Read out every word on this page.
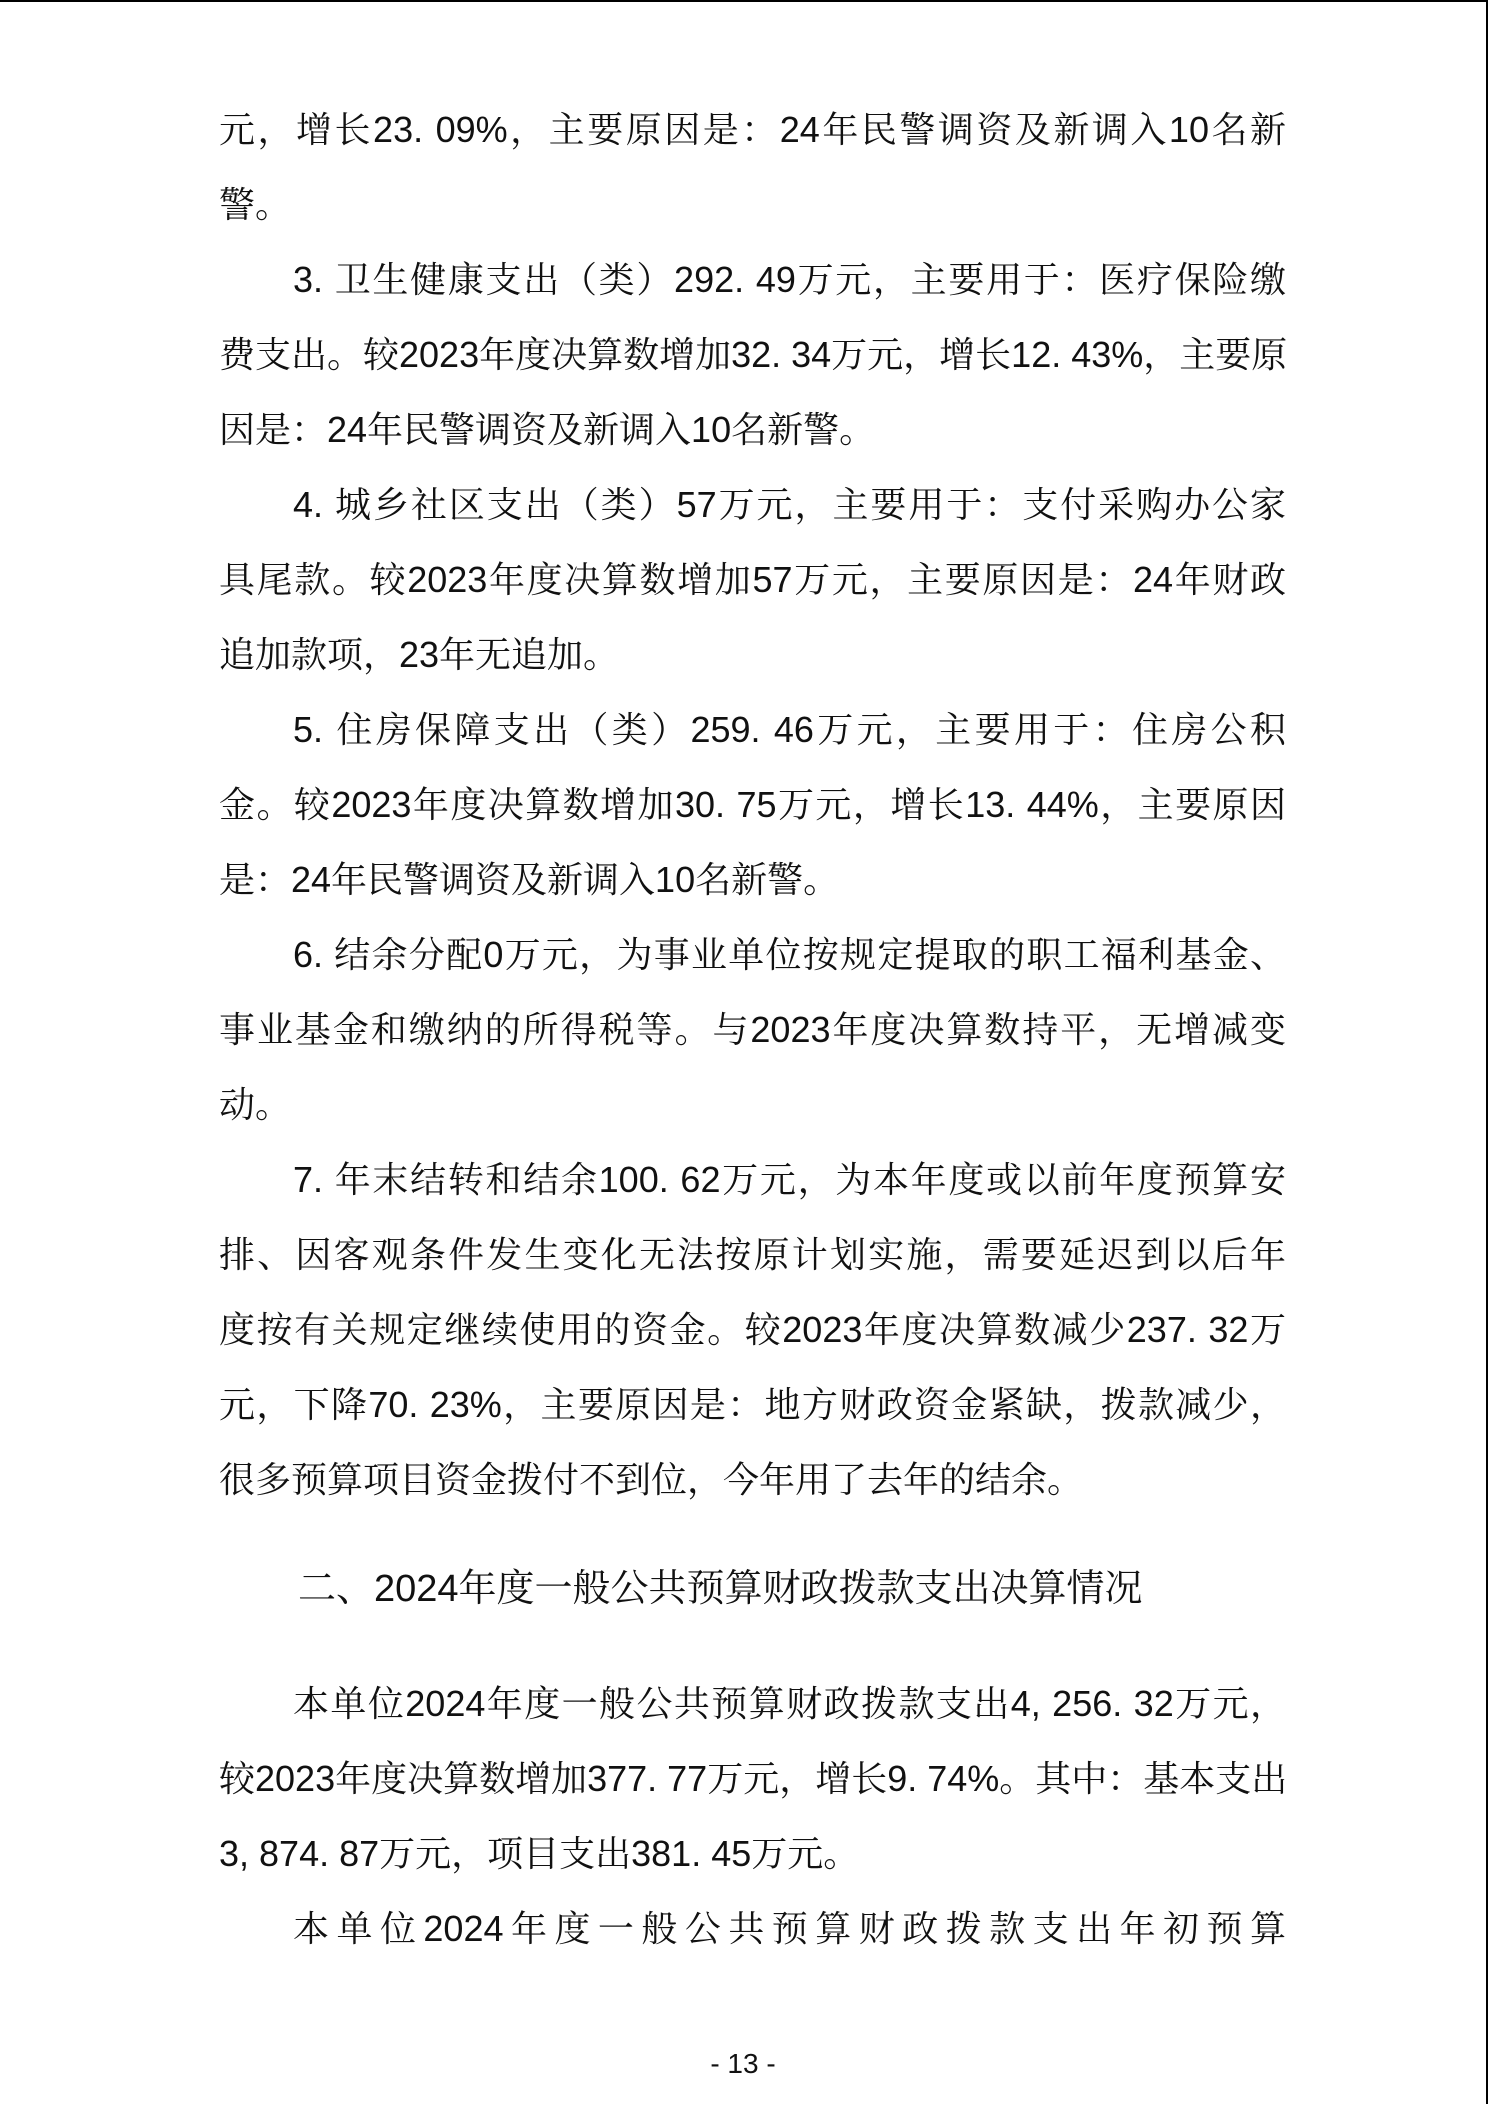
元，增长23. 09%，主要原因是：24年民警调资及新调入10名新
警。
3. 卫生健康支出（类）292. 49万元，主要用于：医疗保险缴
费支出。较2023年度决算数增加32. 34万元，增长12. 43%，主要原
因是：24年民警调资及新调入10名新警。
4. 城乡社区支出（类）57万元，主要用于：支付采购办公家
具尾款。较2023年度决算数增加57万元，主要原因是：24年财政
追加款项，23年无追加。
5. 住房保障支出（类）259. 46万元，主要用于：住房公积
金。较2023年度决算数增加30. 75万元，增长13. 44%，主要原因
是：24年民警调资及新调入10名新警。
6. 结余分配0万元，为事业单位按规定提取的职工福利基金、
事业基金和缴纳的所得税等。与2023年度决算数持平，无增减变
动。
7. 年末结转和结余100. 62万元，为本年度或以前年度预算安
排、因客观条件发生变化无法按原计划实施，需要延迟到以后年
度按有关规定继续使用的资金。较2023年度决算数减少237. 32万
元，下降70. 23%，主要原因是：地方财政资金紧缺，拨款减少，
很多预算项目资金拨付不到位，今年用了去年的结余。
二、2024年度一般公共预算财政拨款支出决算情况
本单位2024年度一般公共预算财政拨款支出4, 256. 32万元，
较2023年度决算数增加377. 77万元，增长9. 74%。其中：基本支出
3, 874. 87万元，项目支出381. 45万元。
本单位2024年度一般公共预算财政拨款支出年初预算
- 13 -
